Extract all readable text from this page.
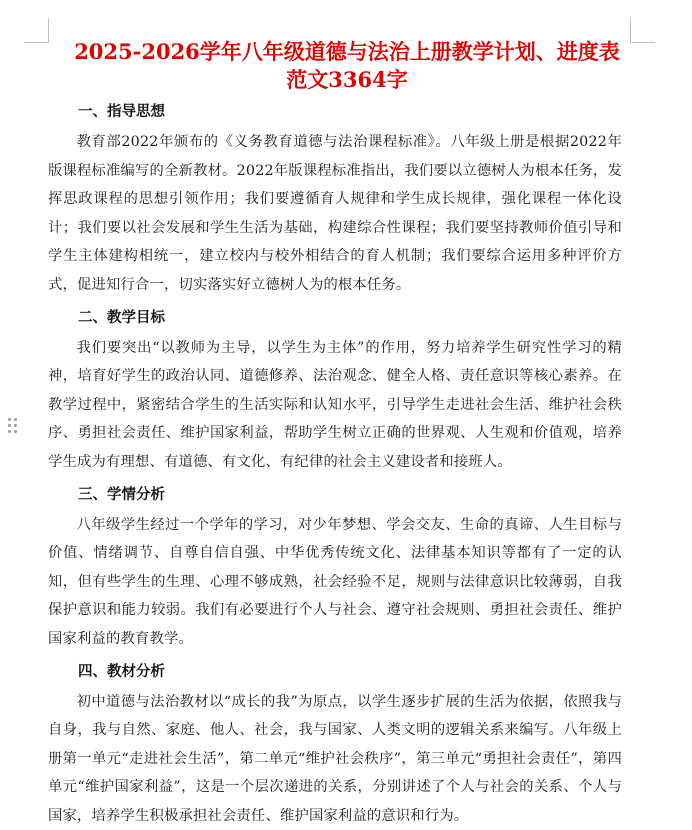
2025-2026学年八年级道德与法治上册教学计划、进度表范文3364字
一、指导思想

教育部2022年颁布的《义务教育道德与法治课程标准》。八年级上册是根据2022年版课程标准编写的全新教材。2022年版课程标准指出，我们要以立德树人为根本任务，发挥思政课程的思想引领作用；我们要遵循育人规律和学生成长规律，强化课程一体化设计；我们要以社会发展和学生生活为基础，构建综合性课程；我们要坚持教师价值引导和学生主体建构相统一，建立校内与校外相结合的育人机制；我们要综合运用多种评价方式，促进知行合一，切实落实好立德树人为的根本任务。

二、教学目标

我们要突出“以教师为主导，以学生为主体”的作用，努力培养学生研究性学习的精神，培育好学生的政治认同、道德修养、法治观念、健全人格、责任意识等核心素养。在教学过程中，紧密结合学生的生活实际和认知水平，引导学生走进社会生活、维护社会秩序、勇担社会责任、维护国家利益，帮助学生树立正确的世界观、人生观和价值观，培养学生成为有理想、有道德、有文化、有纪律的社会主义建设者和接班人。

三、学情分析

八年级学生经过一个学年的学习，对少年梦想、学会交友、生命的真谛、人生目标与价值、情绪调节、自尊自信自强、中华优秀传统文化、法律基本知识等都有了一定的认知，但有些学生的生理、心理不够成熟，社会经验不足，规则与法律意识比较薄弱，自我保护意识和能力较弱。我们有必要进行个人与社会、遵守社会规则、勇担社会责任、维护国家利益的教育教学。

四、教材分析

初中道德与法治教材以“成长的我”为原点，以学生逐步扩展的生活为依据，依照我与自身，我与自然、家庭、他人、社会，我与国家、人类文明的逻辑关系来编写。八年级上册第一单元“走进社会生活”，第二单元“维护社会秩序”，第三单元“勇担社会责任”，第四单元“维护国家利益”，这是一个层次递进的关系，分别讲述了个人与社会的关系、个人与国家，培养学生积极承担社会责任、维护国家利益的意识和行为。
